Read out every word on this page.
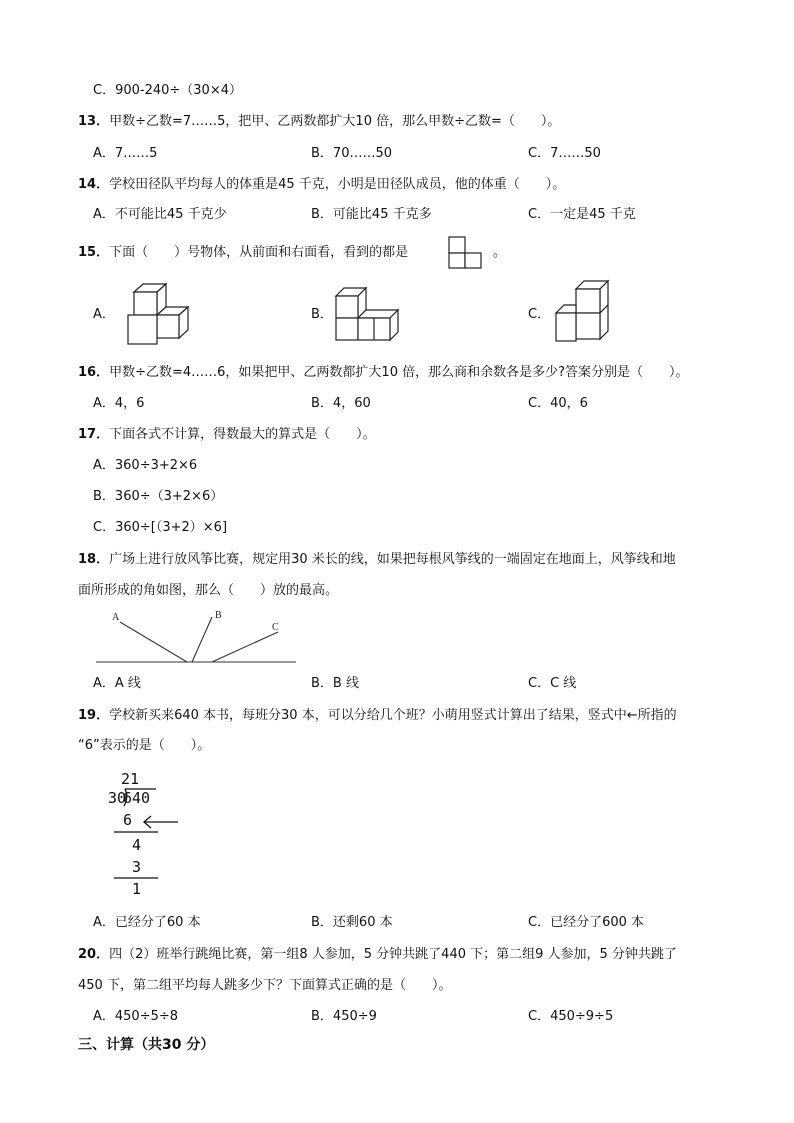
C．900-240÷（30×4）
13．甲数÷乙数=7……5，把甲、乙两数都扩大10 倍，那么甲数÷乙数=（　　）。
A．7……5	B．70……50	C．7……50
14．学校田径队平均每人的体重是45 千克，小明是田径队成员，他的体重（　　）。
A．不可能比45 千克少	B．可能比45 千克多	C．一定是45 千克
15．下面（　　）号物体，从前面和右面看，看到的都是	。
A．	B．	C．
16．甲数÷乙数=4……6，如果把甲、乙两数都扩大10 倍，那么商和余数各是多少?答案分别是（　　）。
A．4，6	B．4，60	C．40，6
17．下面各式不计算，得数最大的算式是（　　）。
A．360÷3+2×6
B．360÷（3+2×6）
C．360÷[（3+2）×6]
18．广场上进行放风筝比赛，规定用30 米长的线，如果把每根风筝线的一端固定在地面上，风筝线和地
面所形成的角如图，那么（　　）放的最高。
A	B
C
A．A 线	B．B 线	C．C 线
19．学校新买来640 本书，每班分30 本，可以分给几个班？小萌用竖式计算出了结果，竖式中←所指的
“6”表示的是（　　）。
21
30
640
6
4
3
1
A．已经分了60 本	B．还剩60 本	C．已经分了600 本
20．四（2）班举行跳绳比赛，第一组8 人参加，5 分钟共跳了440 下；第二组9 人参加，5 分钟共跳了
450 下，第二组平均每人跳多少下？下面算式正确的是（　　）。
A．450÷5÷8	B．450÷9	C．450÷9÷5
三、计算（共30 分）
